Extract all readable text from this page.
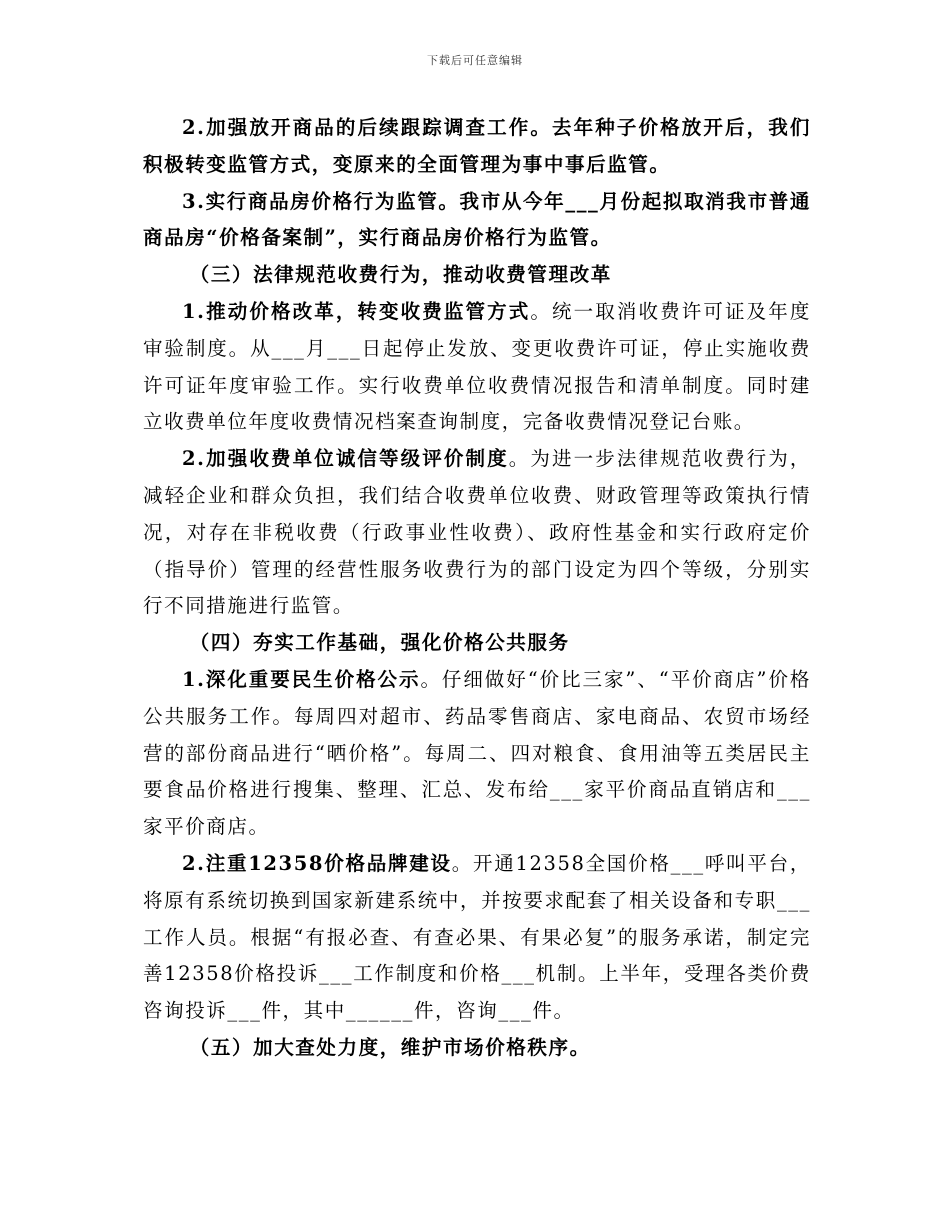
下载后可任意编辑

2.加强放开商品的后续跟踪调查工作。去年种子价格放开后，我们积极转变监管方式，变原来的全面管理为事中事后监管。

3.实行商品房价格行为监管。我市从今年___月份起拟取消我市普通商品房“价格备案制”，实行商品房价格行为监管。

（三）法律规范收费行为，推动收费管理改革

1.推动价格改革，转变收费监管方式。统一取消收费许可证及年度审验制度。从___月___日起停止发放、变更收费许可证，停止实施收费许可证年度审验工作。实行收费单位收费情况报告和清单制度。同时建立收费单位年度收费情况档案查询制度，完备收费情况登记台账。

2.加强收费单位诚信等级评价制度。为进一步法律规范收费行为，减轻企业和群众负担，我们结合收费单位收费、财政管理等政策执行情况，对存在非税收费（行政事业性收费）、政府性基金和实行政府定价（指导价）管理的经营性服务收费行为的部门设定为四个等级，分别实行不同措施进行监管。

（四）夯实工作基础，强化价格公共服务

1.深化重要民生价格公示。仔细做好“价比三家”、“平价商店”价格公共服务工作。每周四对超市、药品零售商店、家电商品、农贸市场经营的部份商品进行“晒价格”。每周二、四对粮食、食用油等五类居民主要食品价格进行搜集、整理、汇总、发布给___家平价商品直销店和___家平价商店。

2.注重12358价格品牌建设。开通12358全国价格___呼叫平台，将原有系统切换到国家新建系统中，并按要求配套了相关设备和专职___工作人员。根据“有报必查、有查必果、有果必复”的服务承诺，制定完善12358价格投诉___工作制度和价格___机制。上半年，受理各类价费咨询投诉___件，其中______件，咨询___件。

（五）加大查处力度，维护市场价格秩序。
